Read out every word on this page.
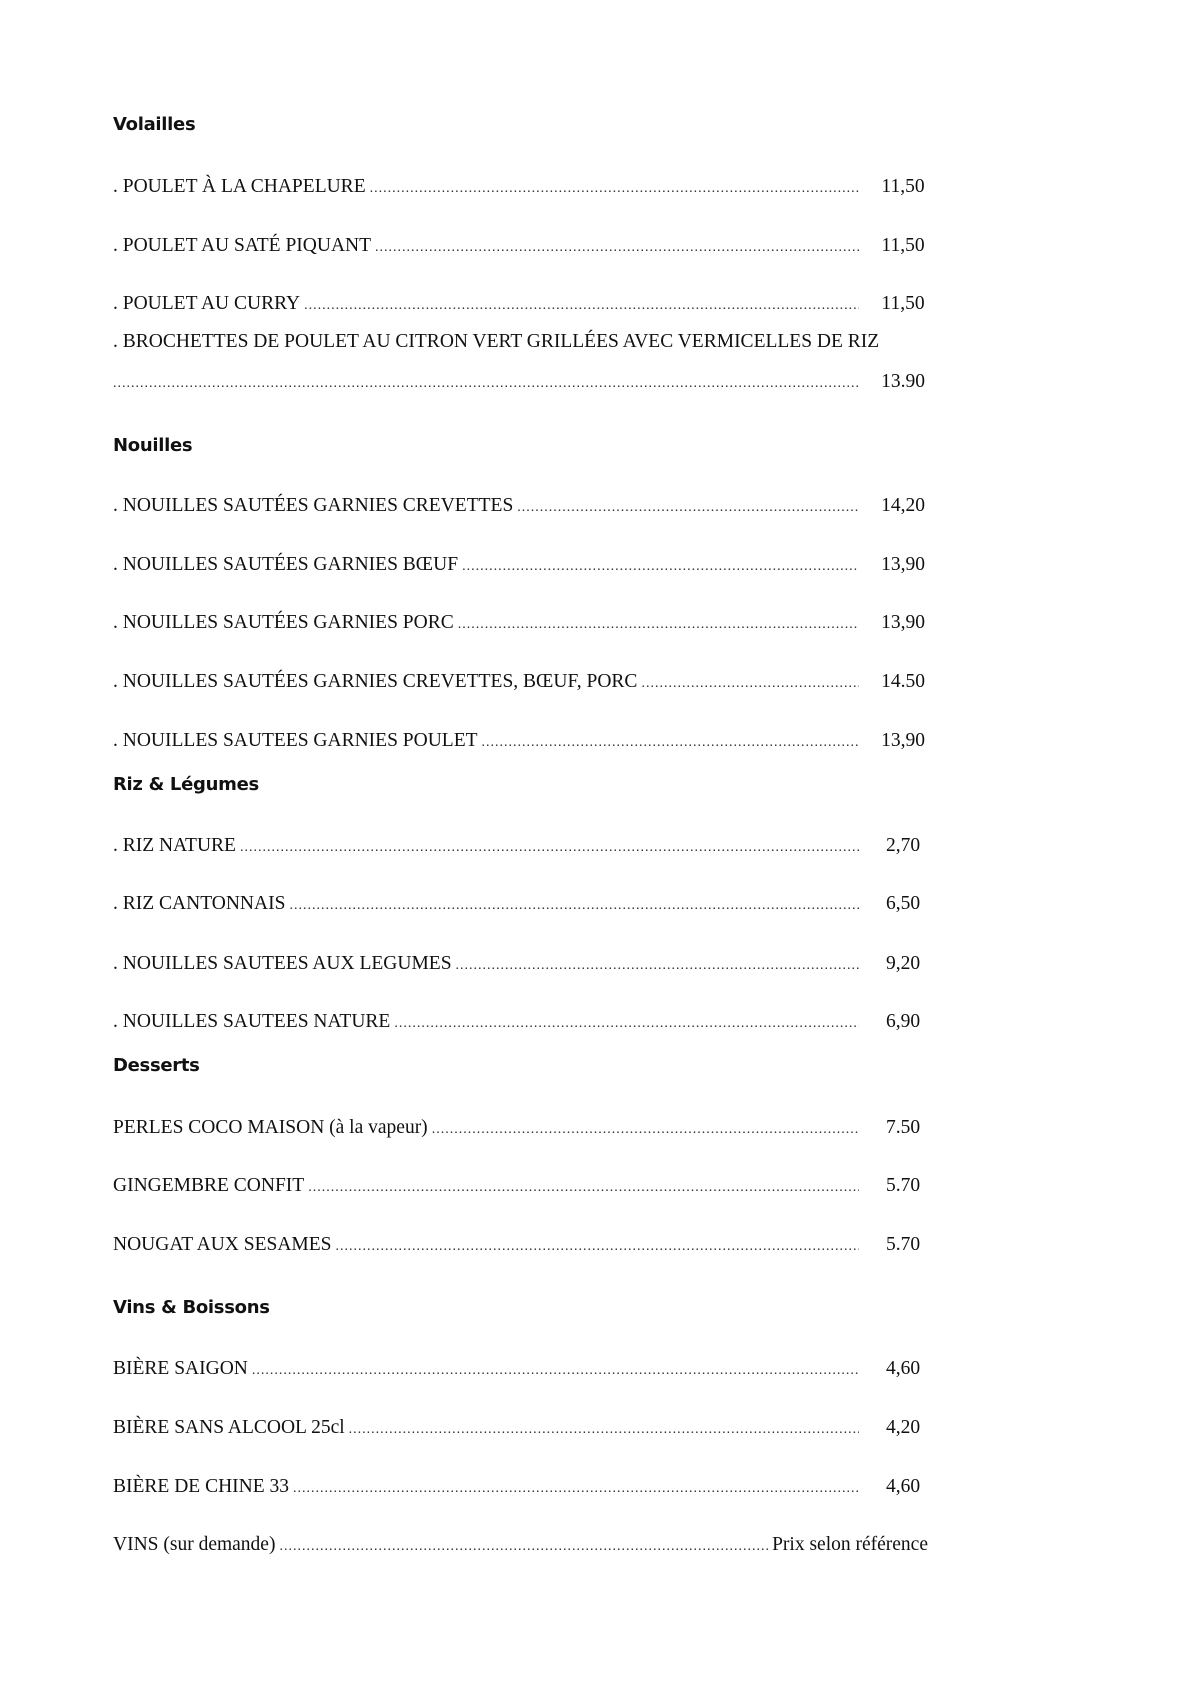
Volailles
. POULET À LA CHAPELURE .....	11,50
. POULET AU SATÉ PIQUANT .....	11,50
. POULET AU CURRY .....	11,50
. BROCHETTES DE POULET AU CITRON VERT GRILLÉES AVEC VERMICELLES DE RIZ
.....
13.90
Nouilles
. NOUILLES SAUTÉES GARNIES CREVETTES .....	14,20
. NOUILLES SAUTÉES GARNIES BŒUF .....	13,90
. NOUILLES SAUTÉES GARNIES PORC .....	13,90
. NOUILLES SAUTÉES GARNIES CREVETTES, BŒUF, PORC .....	14.50
. NOUILLES SAUTEES GARNIES POULET .....	13,90
Riz & Légumes
. RIZ NATURE .....	2,70
. RIZ CANTONNAIS .....	6,50
. NOUILLES SAUTEES AUX LEGUMES .....	9,20
. NOUILLES SAUTEES NATURE .....	6,90
Desserts
PERLES COCO MAISON (à la vapeur) .....	7.50
GINGEMBRE CONFIT .....	5.70
NOUGAT AUX SESAMES .....	5.70
Vins & Boissons
BIÈRE SAIGON .....	4,60
BIÈRE SANS ALCOOL 25cl .....	4,20
BIÈRE DE CHINE 33 .....	4,60
VINS (sur demande) .....	Prix selon référence
